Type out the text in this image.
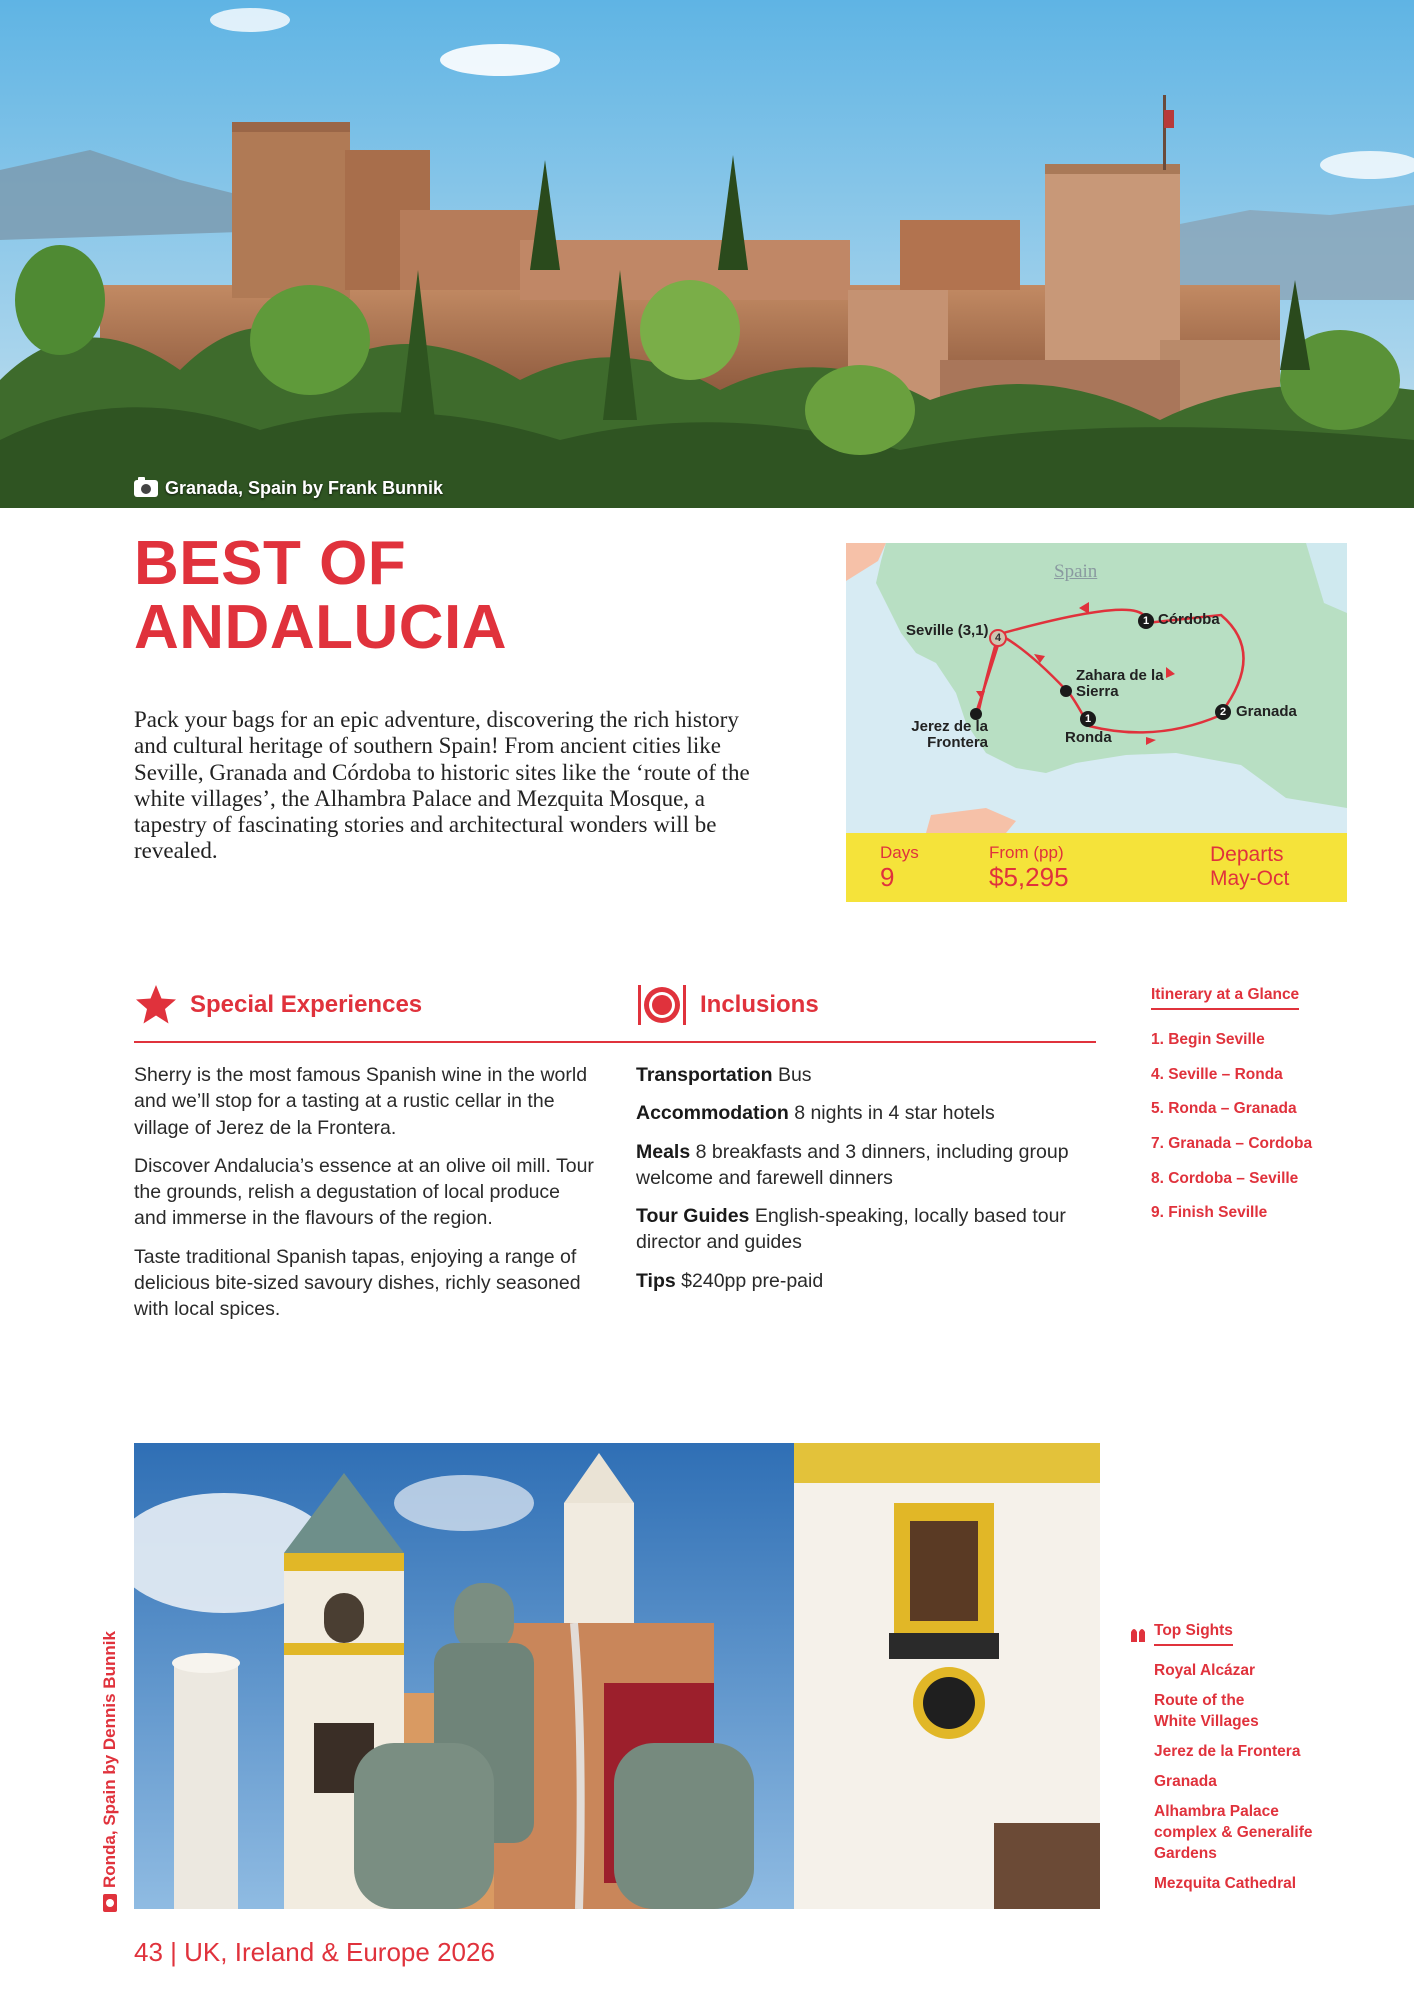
Granada, Spain by Frank Bunnik
BEST OF
ANDALUCIA

Pack your bags for an epic adventure, discovering the rich history and cultural heritage of southern Spain! From ancient cities like Seville, Granada and Córdoba to historic sites like the ‘route of the white villages’, the Alhambra Palace and Mezquita Mosque, a tapestry of fascinating stories and architectural wonders will be revealed.

Spain
4
Seville (3,1)
1 Córdoba
Zahara de la Sierra
2 Granada
Jerez de la Frontera
1
Ronda
Days
9
From (pp)
$5,295
Departs
May-Oct
Special Experiences	Inclusions

Sherry is the most famous Spanish wine in the world and we’ll stop for a tasting at a rustic cellar in the village of Jerez de la Frontera.

Discover Andalucia’s essence at an olive oil mill. Tour the grounds, relish a degustation of local produce and immerse in the flavours of the region.

Taste traditional Spanish tapas, enjoying a range of delicious bite-sized savoury dishes, richly seasoned with local spices.

Transportation Bus

Accommodation 8 nights in 4 star hotels

Meals 8 breakfasts and 3 dinners, including group welcome and farewell dinners

Tour Guides English-speaking, locally based tour director and guides

Tips $240pp pre-paid

Itinerary at a Glance
1. Begin Seville
4. Seville – Ronda
5. Ronda – Granada
7. Granada – Cordoba
8. Cordoba – Seville
9. Finish Seville
Top Sights
Royal Alcázar
Route of the White Villages
Jerez de la Frontera
Granada
Alhambra Palace complex & Generalife Gardens
Mezquita Cathedral
Ronda, Spain by Dennis Bunnik
43 | UK, Ireland & Europe 2026
